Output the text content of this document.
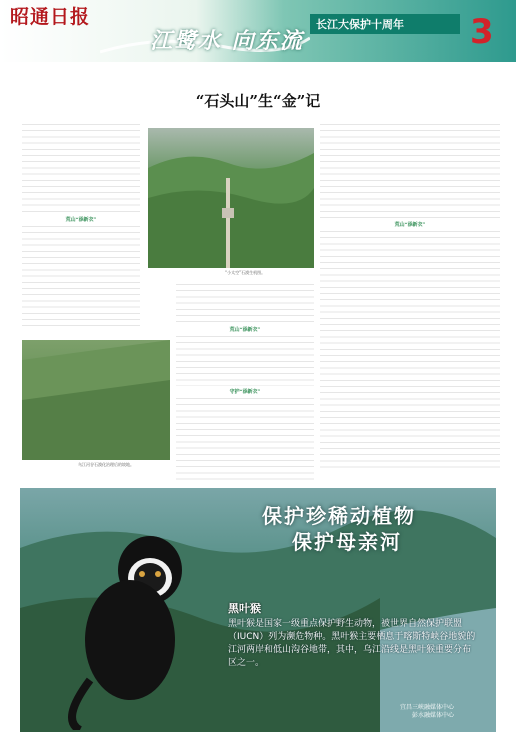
昭通日报
江鹭水 向东流
长江大保护十周年	3
“石头山”生“金”记
荒山“添新衣”
“小太空”石漠生机图。
荒山“添新衣”
乌江河谷石漠化治理后的坡地。
荒山“添新衣”
守护“添新衣”
保护珍稀动植物
保护母亲河
黑叶猴
黑叶猴是国家一级重点保护野生动物，被世界自然保护联盟（IUCN）列为濒危物种。黑叶猴主要栖息于喀斯特峡谷地貌的江河两岸和低山沟谷地带，其中，乌江沿线是黑叶猴重要分布区之一。
宜昌三峡融媒体中心
彭水融媒体中心
